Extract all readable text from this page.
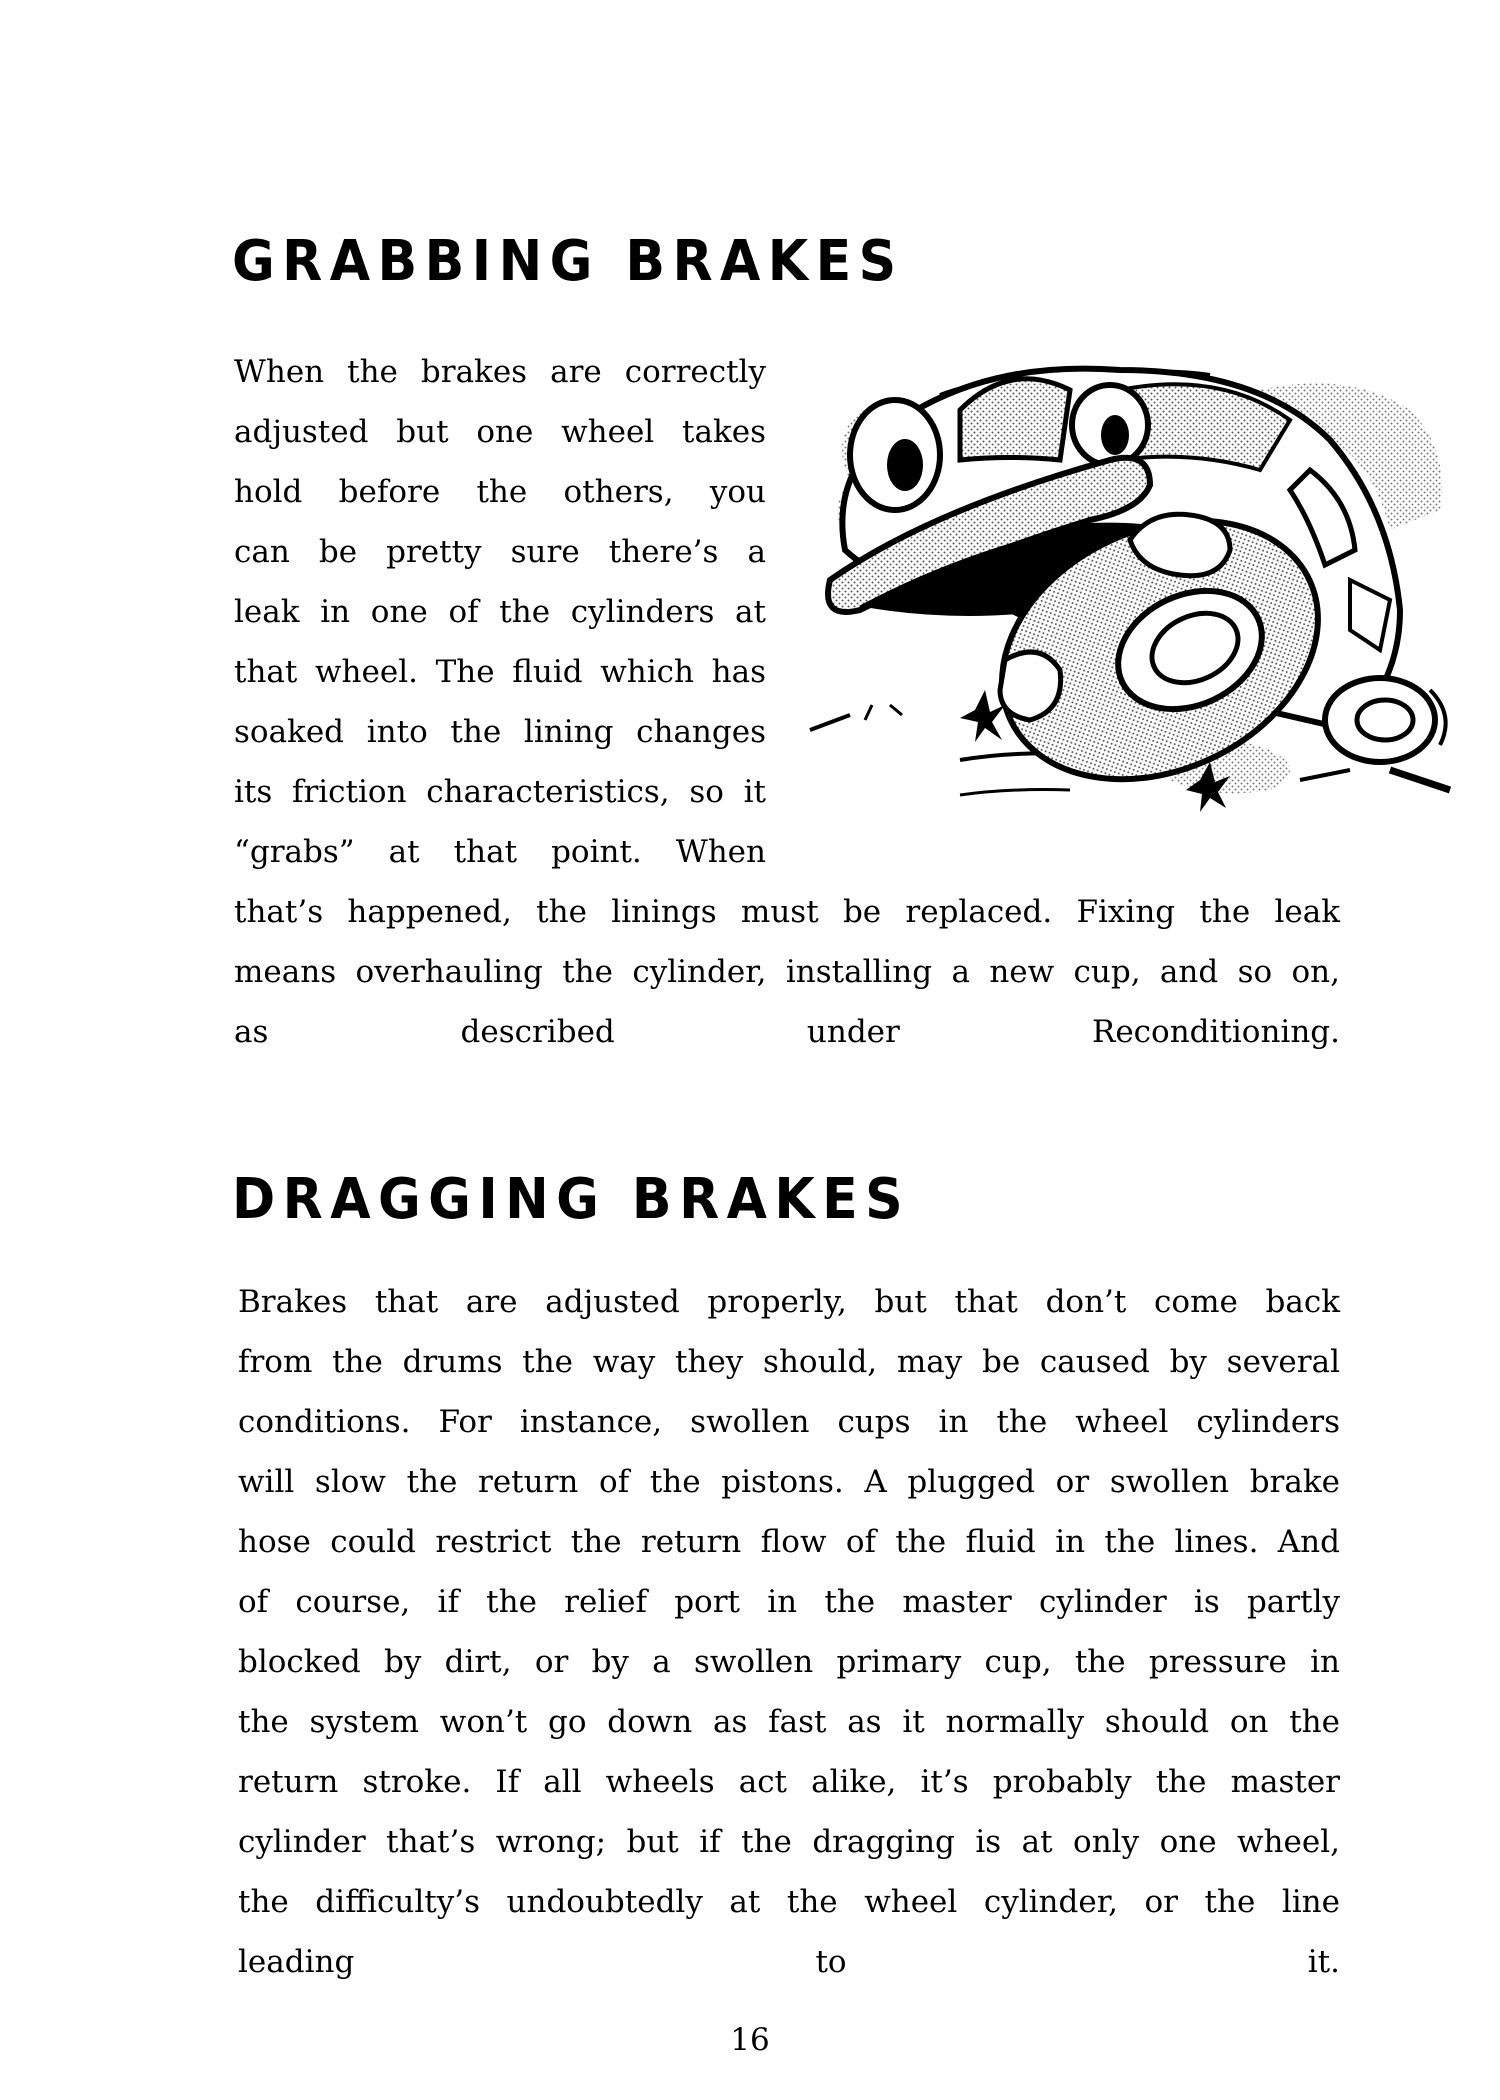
GRABBING BRAKES
When the brakes are correctly
adjusted but one wheel takes
hold before the others, you
can be pretty sure there’s a
leak in one of the cylinders at
that wheel. The fluid which has
soaked into the lining changes
its friction characteristics, so it
“grabs” at that point. When
that’s happened, the linings must be replaced. Fixing the leak
means overhauling the cylinder, installing a new cup, and so on,
as described under Reconditioning.
DRAGGING BRAKES
Brakes that are adjusted properly, but that don’t come back
from the drums the way they should, may be caused by several
conditions. For instance, swollen cups in the wheel cylinders
will slow the return of the pistons. A plugged or swollen brake
hose could restrict the return flow of the fluid in the lines. And
of course, if the relief port in the master cylinder is partly
blocked by dirt, or by a swollen primary cup, the pressure in
the system won’t go down as fast as it normally should on the
return stroke. If all wheels act alike, it’s probably the master
cylinder that’s wrong; but if the dragging is at only one wheel,
the difficulty’s undoubtedly at the wheel cylinder, or the line
leading to it.

16
